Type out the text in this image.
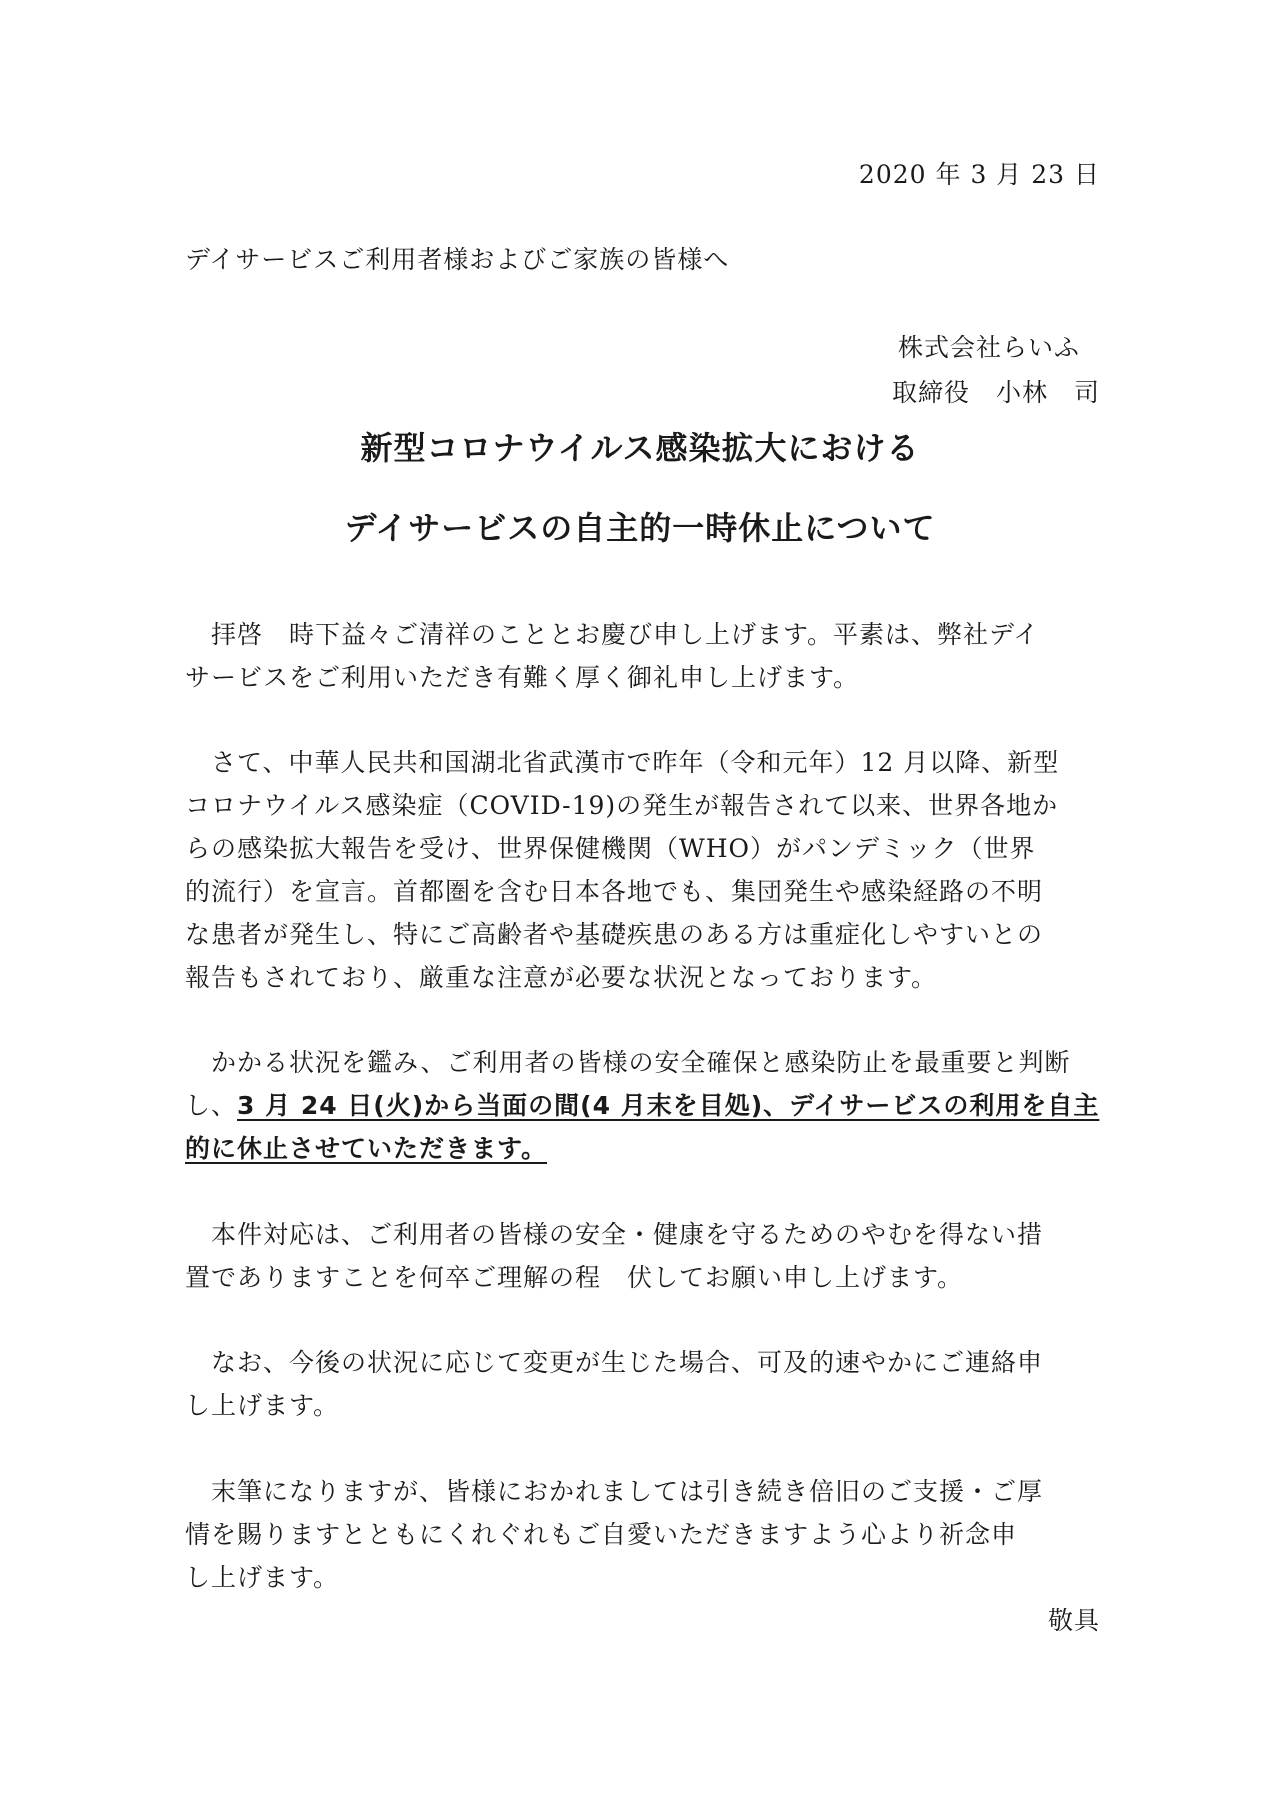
2020 年 3 月 23 日
デイサービスご利用者様およびご家族の皆様へ
株式会社らいふ
取締役　小林　司
新型コロナウイルス感染拡大における
デイサービスの自主的一時休止について
　拝啓　時下益々ご清祥のこととお慶び申し上げます。平素は、弊社デイ
サービスをご利用いただき有難く厚く御礼申し上げます。
　さて、中華人民共和国湖北省武漢市で昨年（令和元年）12 月以降、新型
コロナウイルス感染症（COVID-19)の発生が報告されて以来、世界各地か
らの感染拡大報告を受け、世界保健機関（WHO）がパンデミック（世界
的流行）を宣言。首都圏を含む日本各地でも、集団発生や感染経路の不明
な患者が発生し、特にご高齢者や基礎疾患のある方は重症化しやすいとの
報告もされており、厳重な注意が必要な状況となっております。
　かかる状況を鑑み、ご利用者の皆様の安全確保と感染防止を最重要と判断
し、3 月 24 日(火)から当面の間(4 月末を目処)、デイサービスの利用を自主
的に休止させていただきます。
　本件対応は、ご利用者の皆様の安全・健康を守るためのやむを得ない措
置でありますことを何卒ご理解の程　伏してお願い申し上げます。
　なお、今後の状況に応じて変更が生じた場合、可及的速やかにご連絡申
し上げます。
　末筆になりますが、皆様におかれましては引き続き倍旧のご支援・ご厚
情を賜りますとともにくれぐれもご自愛いただきますよう心より祈念申
し上げます。
敬具
